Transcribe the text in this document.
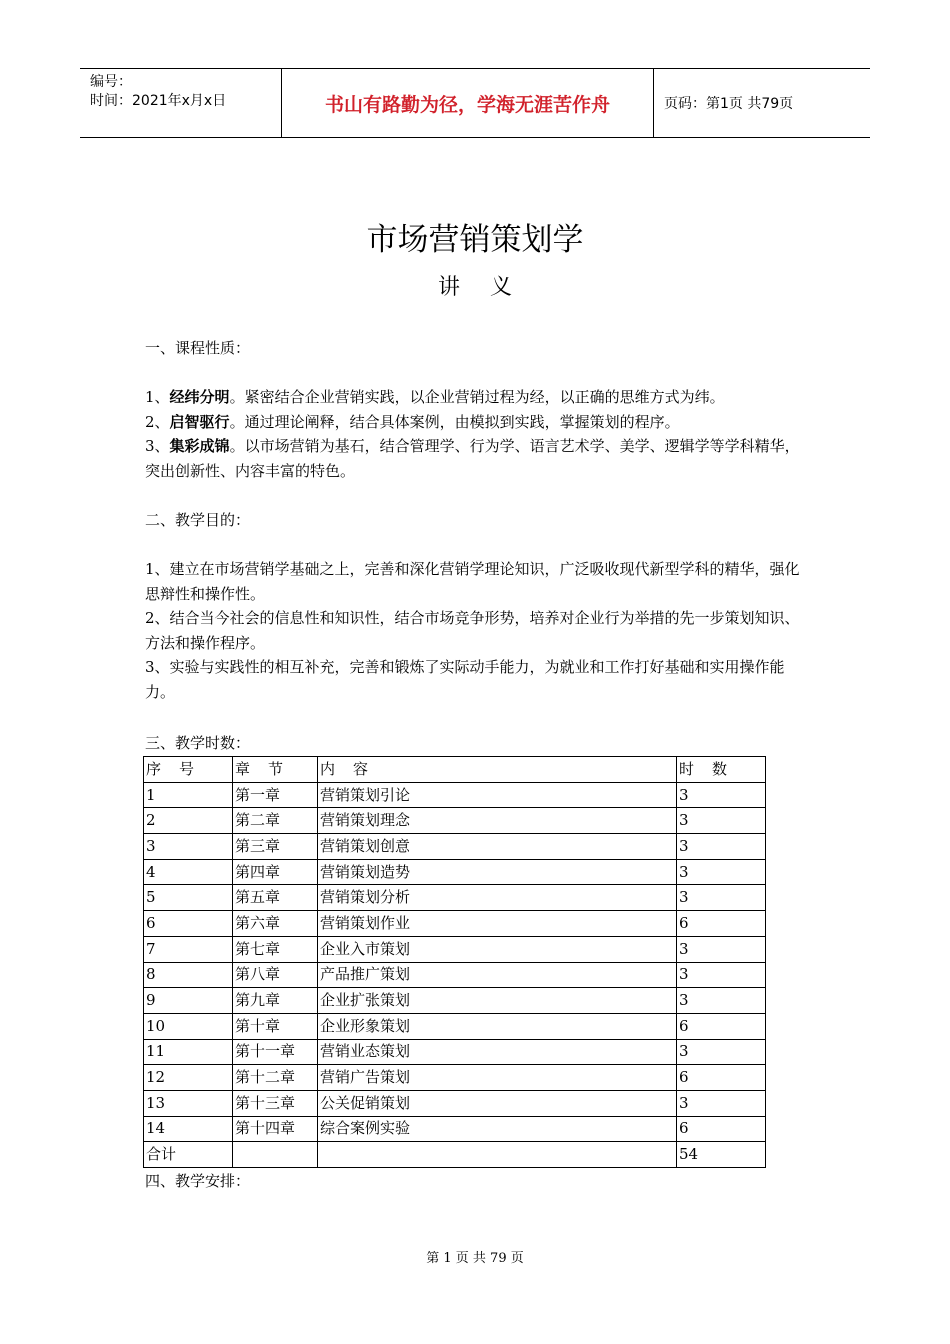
编号：
时间：2021年x月x日	书山有路勤为径，学海无涯苦作舟	页码：第1页 共79页
市场营销策划学
讲义

一、课程性质：

1、经纬分明。紧密结合企业营销实践，以企业营销过程为经，以正确的思维方式为纬。

2、启智驱行。通过理论阐释，结合具体案例，由模拟到实践，掌握策划的程序。

3、集彩成锦。以市场营销为基石，结合管理学、行为学、语言艺术学、美学、逻辑学等学科精华，突出创新性、内容丰富的特色。

二、教学目的：

1、建立在市场营销学基础之上，完善和深化营销学理论知识，广泛吸收现代新型学科的精华，强化思辩性和操作性。

2、结合当今社会的信息性和知识性，结合市场竞争形势，培养对企业行为举措的先一步策划知识、方法和操作程序。

3、实验与实践性的相互补充，完善和锻炼了实际动手能力，为就业和工作打好基础和实用操作能力。

三、教学时数：
序号	章节	内容	时数
1	第一章	营销策划引论	3
2	第二章	营销策划理念	3
3	第三章	营销策划创意	3
4	第四章	营销策划造势	3
5	第五章	营销策划分析	3
6	第六章	营销策划作业	6
7	第七章	企业入市策划	3
8	第八章	产品推广策划	3
9	第九章	企业扩张策划	3
10	第十章	企业形象策划	6
11	第十一章	营销业态策划	3
12	第十二章	营销广告策划	6
13	第十三章	公关促销策划	3
14	第十四章	综合案例实验	6
合计			54
四、教学安排：
第 1 页 共 79 页
